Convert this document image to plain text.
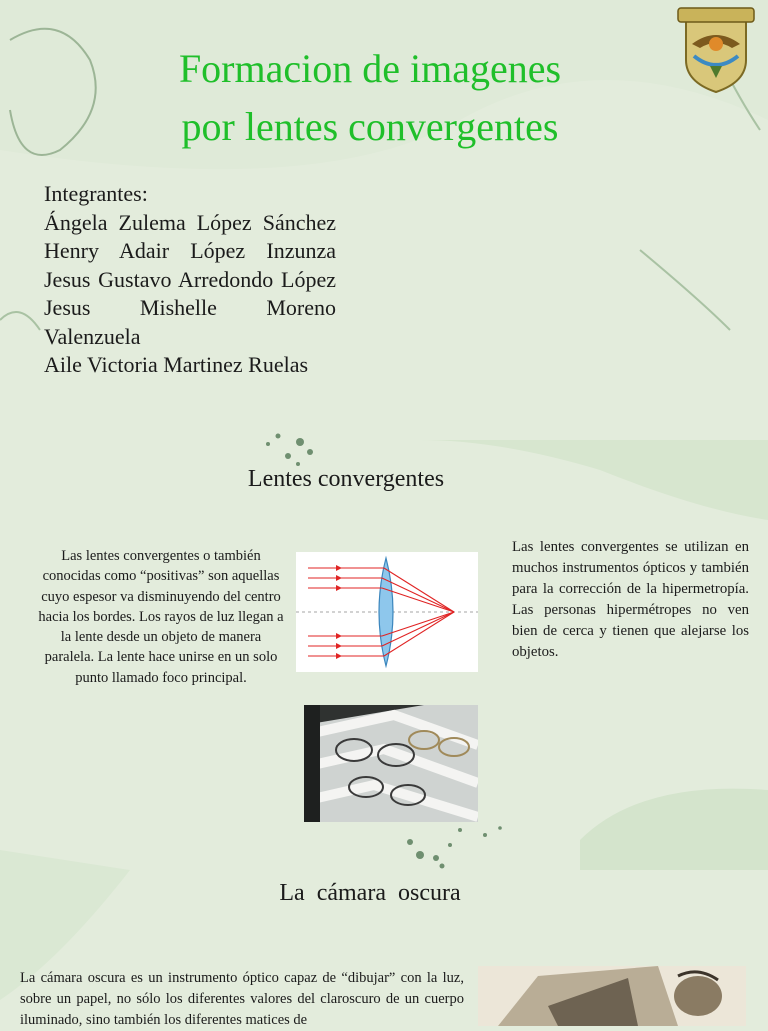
Formacion de imagenes
por lentes convergentes
Integrantes:
Ángela Zulema López Sánchez
Henry Adair López Inzunza
Jesus Gustavo Arredondo López
Jesus Mishelle Moreno Valenzuela
Aile Victoria Martinez Ruelas
Lentes convergentes
Las lentes convergentes o también conocidas como “positivas” son aquellas cuyo espesor va disminuyendo del centro hacia los bordes. Los rayos de luz llegan a la lente desde un objeto de manera paralela. La lente hace unirse en un solo punto llamado foco principal.
Las lentes convergentes se utilizan en muchos instrumentos ópticos y también para la corrección de la hipermetropía. Las personas hipermétropes no ven bien de cerca y tienen que alejarse los objetos.
La cámara oscura
La cámara oscura es un instrumento óptico capaz de “dibujar” con la luz, sobre un papel, no sólo los diferentes valores del claroscuro de un cuerpo iluminado, sino también los diferentes matices de
